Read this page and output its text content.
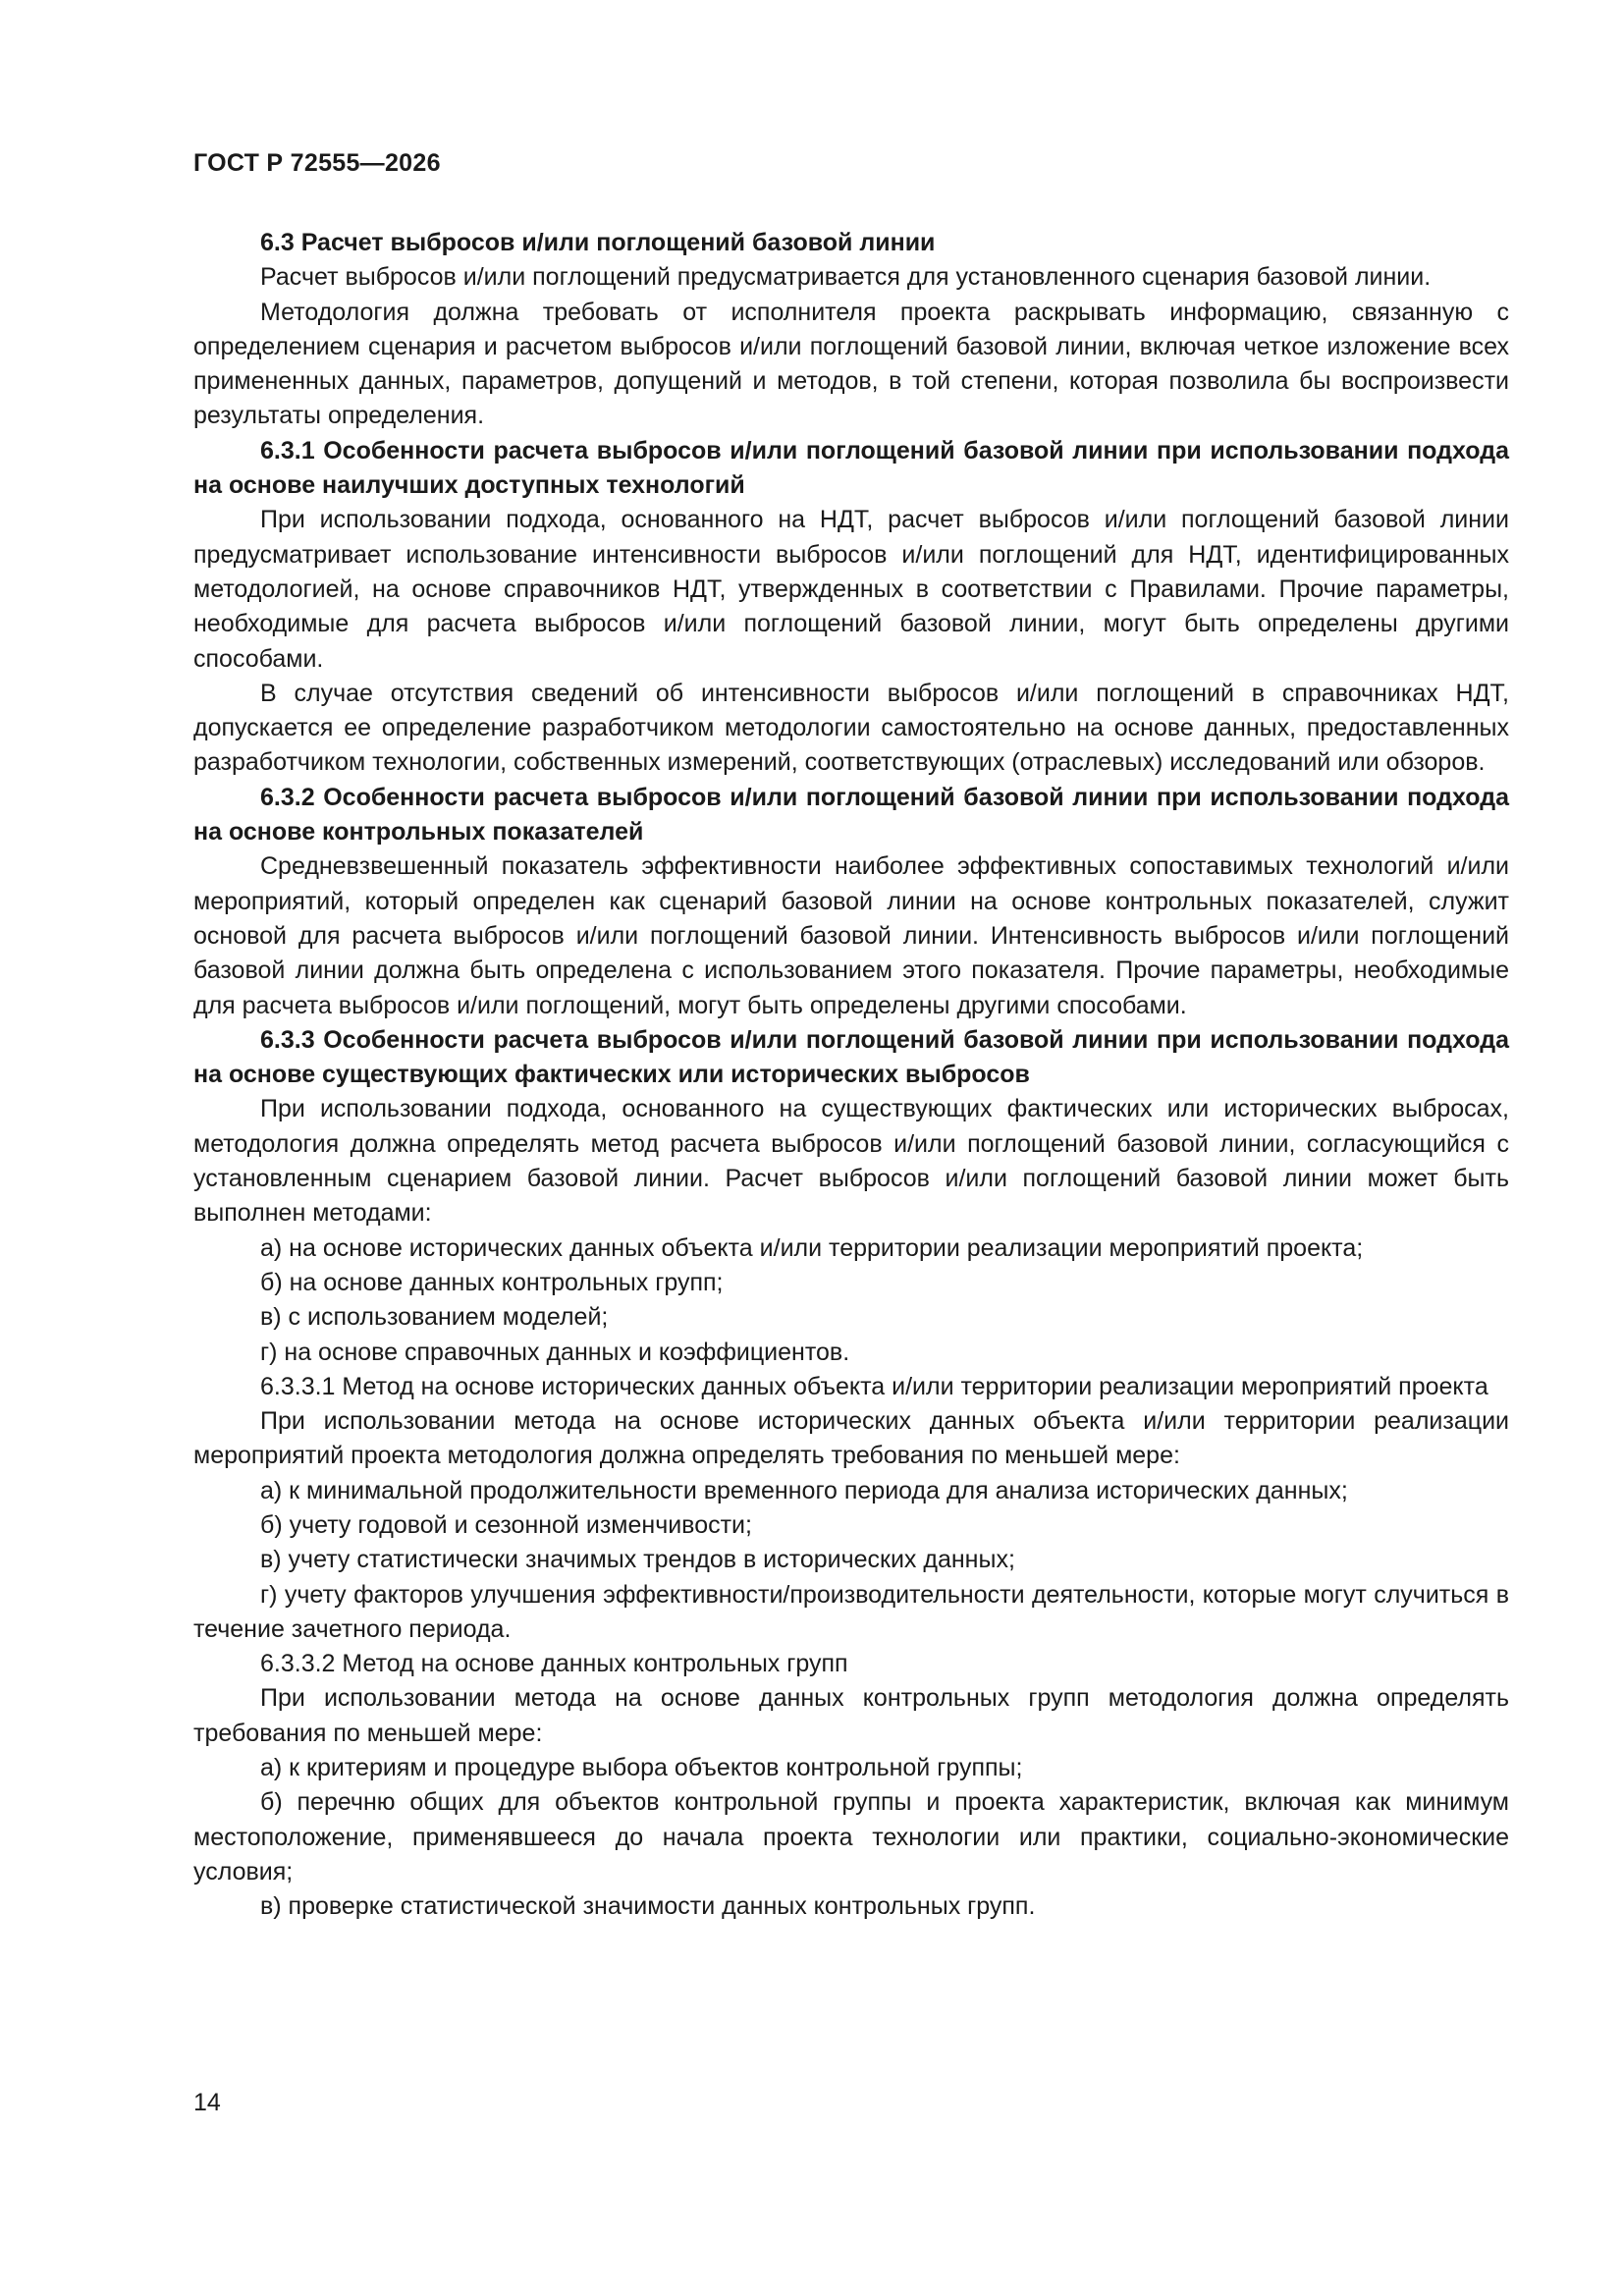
ГОСТ Р 72555—2026

6.3 Расчет выбросов и/или поглощений базовой линии

Расчет выбросов и/или поглощений предусматривается для установленного сценария базовой линии.

Методология должна требовать от исполнителя проекта раскрывать информацию, связанную с определением сценария и расчетом выбросов и/или поглощений базовой линии, включая четкое изложение всех примененных данных, параметров, допущений и методов, в той степени, которая позволила бы воспроизвести результаты определения.

6.3.1 Особенности расчета выбросов и/или поглощений базовой линии при использовании подхода на основе наилучших доступных технологий

При использовании подхода, основанного на НДТ, расчет выбросов и/или поглощений базовой линии предусматривает использование интенсивности выбросов и/или поглощений для НДТ, идентифицированных методологией, на основе справочников НДТ, утвержденных в соответствии с Правилами. Прочие параметры, необходимые для расчета выбросов и/или поглощений базовой линии, могут быть определены другими способами.

В случае отсутствия сведений об интенсивности выбросов и/или поглощений в справочниках НДТ, допускается ее определение разработчиком методологии самостоятельно на основе данных, предоставленных разработчиком технологии, собственных измерений, соответствующих (отраслевых) исследований или обзоров.

6.3.2 Особенности расчета выбросов и/или поглощений базовой линии при использовании подхода на основе контрольных показателей

Средневзвешенный показатель эффективности наиболее эффективных сопоставимых технологий и/или мероприятий, который определен как сценарий базовой линии на основе контрольных показателей, служит основой для расчета выбросов и/или поглощений базовой линии. Интенсивность выбросов и/или поглощений базовой линии должна быть определена с использованием этого показателя. Прочие параметры, необходимые для расчета выбросов и/или поглощений, могут быть определены другими способами.

6.3.3 Особенности расчета выбросов и/или поглощений базовой линии при использовании подхода на основе существующих фактических или исторических выбросов

При использовании подхода, основанного на существующих фактических или исторических выбросах, методология должна определять метод расчета выбросов и/или поглощений базовой линии, согласующийся с установленным сценарием базовой линии. Расчет выбросов и/или поглощений базовой линии может быть выполнен методами:

а) на основе исторических данных объекта и/или территории реализации мероприятий проекта;

б) на основе данных контрольных групп;

в) с использованием моделей;

г) на основе справочных данных и коэффициентов.

6.3.3.1 Метод на основе исторических данных объекта и/или территории реализации мероприятий проекта

При использовании метода на основе исторических данных объекта и/или территории реализации мероприятий проекта методология должна определять требования по меньшей мере:

а) к минимальной продолжительности временного периода для анализа исторических данных;

б) учету годовой и сезонной изменчивости;

в) учету статистически значимых трендов в исторических данных;

г) учету факторов улучшения эффективности/производительности деятельности, которые могут случиться в течение зачетного периода.

6.3.3.2 Метод на основе данных контрольных групп

При использовании метода на основе данных контрольных групп методология должна определять требования по меньшей мере:

а) к критериям и процедуре выбора объектов контрольной группы;

б) перечню общих для объектов контрольной группы и проекта характеристик, включая как минимум местоположение, применявшееся до начала проекта технологии или практики, социально-экономические условия;

в) проверке статистической значимости данных контрольных групп.

14
